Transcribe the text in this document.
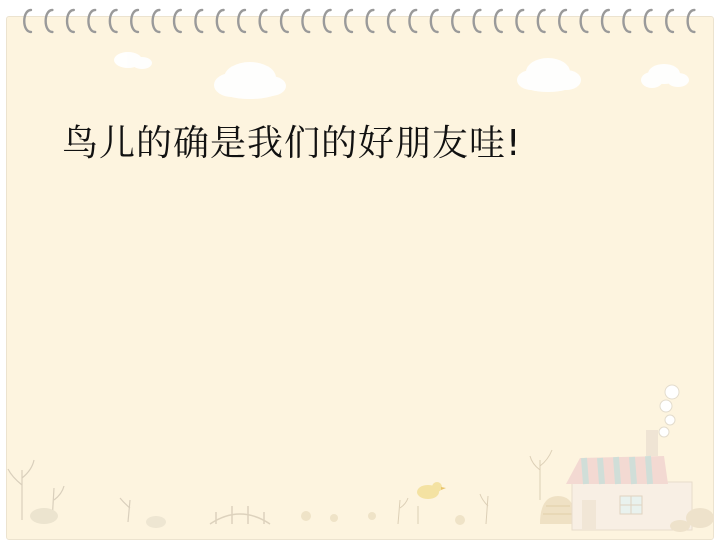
鸟儿的确是我们的好朋友哇!
